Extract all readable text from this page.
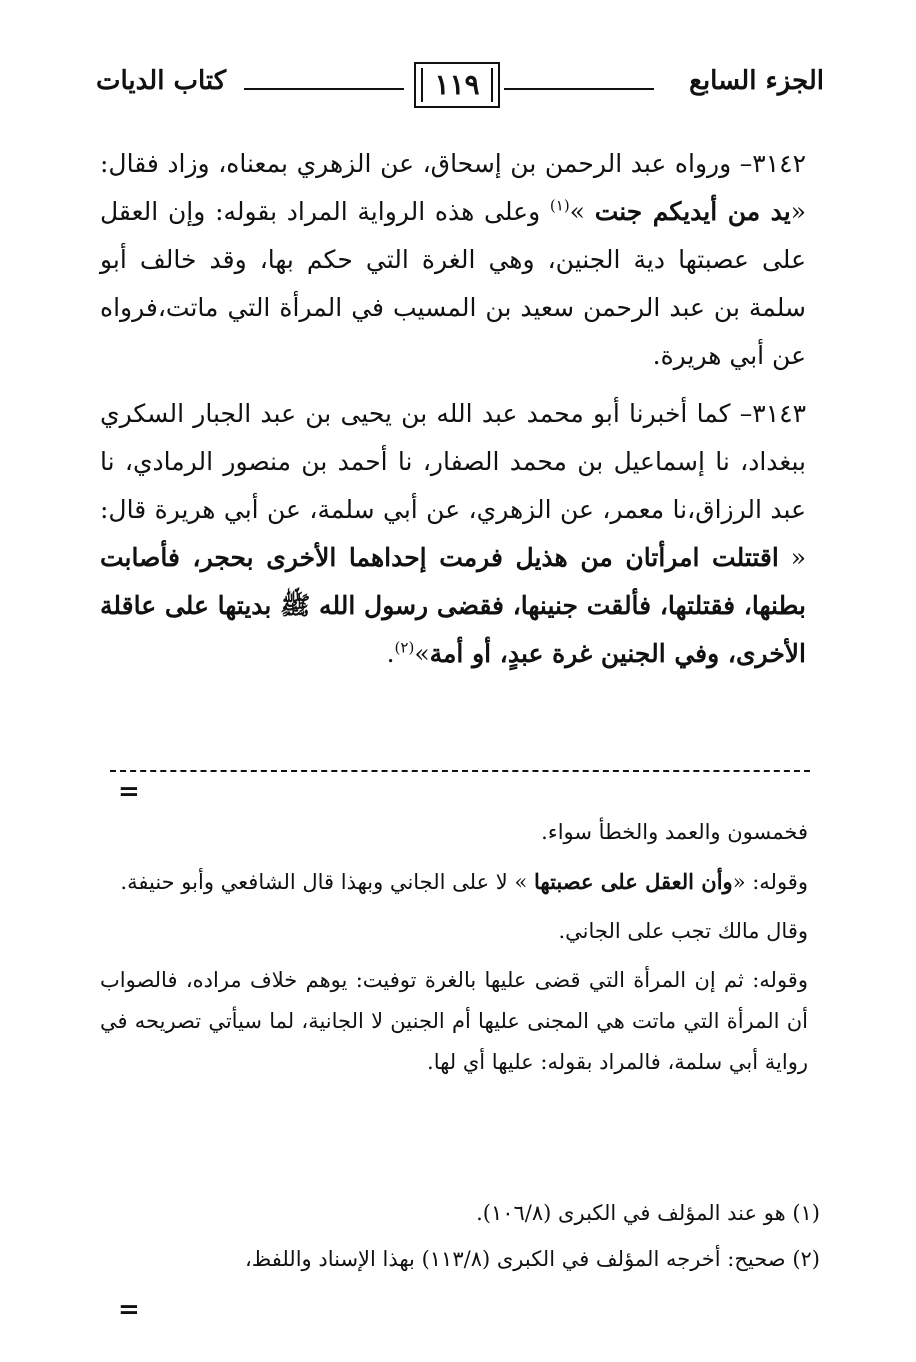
الجزء السابع
١١٩
كتاب الديات

٣١٤٢– ورواه عبد الرحمن بن إسحاق، عن الزهري بمعناه، وزاد فقال: «يد من أيديكم جنت »$^{(١)}$ وعلى هذه الرواية المراد بقوله: وإن العقل على عصبتها دية الجنين، وهي الغرة التي حكم بها، وقد خالف أبو سلمة بن عبد الرحمن سعيد بن المسيب في المرأة التي ماتت،فرواه عن أبي هريرة.

٣١٤٣– كما أخبرنا أبو محمد عبد الله بن يحيى بن عبد الجبار السكري ببغداد، نا إسماعيل بن محمد الصفار، نا أحمد بن منصور الرمادي، نا عبد الرزاق،نا معمر، عن الزهري، عن أبي سلمة، عن أبي هريرة قال: « اقتتلت امرأتان من هذيل فرمت إحداهما الأخرى بحجر، فأصابت بطنها، فقتلتها، فألقت جنينها، فقضى رسول الله ﷺ بديتها على عاقلة الأخرى، وفي الجنين غرة عبدٍ، أو أمة»$^{(٢)}$.

=

فخمسون والعمد والخطأ سواء.

وقوله: «وأن العقل على عصبتها » لا على الجاني وبهذا قال الشافعي وأبو حنيفة.

وقال مالك تجب على الجاني.

وقوله: ثم إن المرأة التي قضى عليها بالغرة توفيت: يوهم خلاف مراده، فالصواب أن المرأة التي ماتت هي المجنى عليها أم الجنين لا الجانية، لما سيأتي تصريحه في رواية أبي سلمة، فالمراد بقوله: عليها أي لها.

(١) هو عند المؤلف في الكبرى (١٠٦/٨).

(٢) صحيح: أخرجه المؤلف في الكبرى (١١٣/٨) بهذا الإسناد واللفظ،

=
